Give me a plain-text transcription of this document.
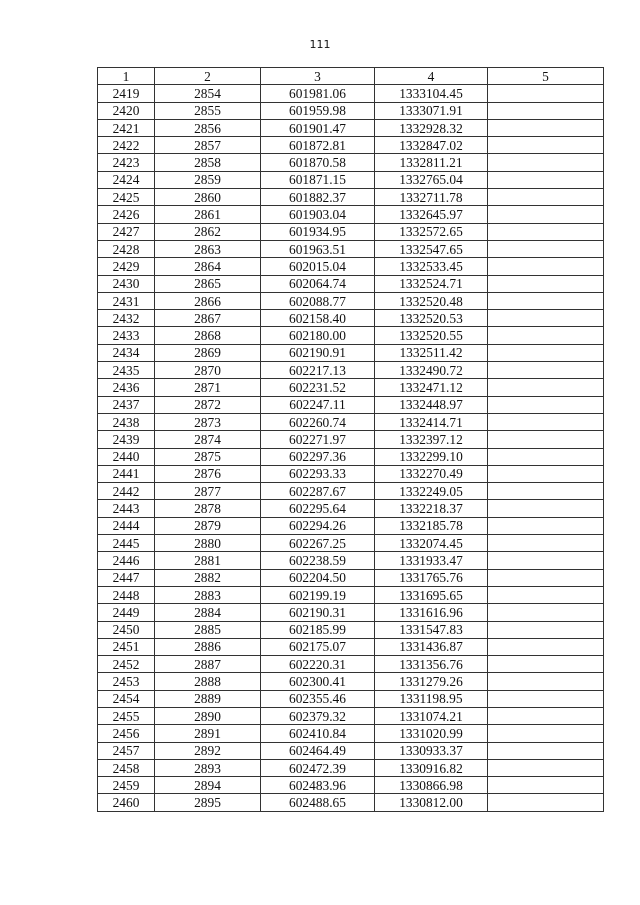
111
1	2	3	4	5
2419	2854	601981.06	1333104.45	
2420	2855	601959.98	1333071.91	
2421	2856	601901.47	1332928.32	
2422	2857	601872.81	1332847.02	
2423	2858	601870.58	1332811.21	
2424	2859	601871.15	1332765.04	
2425	2860	601882.37	1332711.78	
2426	2861	601903.04	1332645.97	
2427	2862	601934.95	1332572.65	
2428	2863	601963.51	1332547.65	
2429	2864	602015.04	1332533.45	
2430	2865	602064.74	1332524.71	
2431	2866	602088.77	1332520.48	
2432	2867	602158.40	1332520.53	
2433	2868	602180.00	1332520.55	
2434	2869	602190.91	1332511.42	
2435	2870	602217.13	1332490.72	
2436	2871	602231.52	1332471.12	
2437	2872	602247.11	1332448.97	
2438	2873	602260.74	1332414.71	
2439	2874	602271.97	1332397.12	
2440	2875	602297.36	1332299.10	
2441	2876	602293.33	1332270.49	
2442	2877	602287.67	1332249.05	
2443	2878	602295.64	1332218.37	
2444	2879	602294.26	1332185.78	
2445	2880	602267.25	1332074.45	
2446	2881	602238.59	1331933.47	
2447	2882	602204.50	1331765.76	
2448	2883	602199.19	1331695.65	
2449	2884	602190.31	1331616.96	
2450	2885	602185.99	1331547.83	
2451	2886	602175.07	1331436.87	
2452	2887	602220.31	1331356.76	
2453	2888	602300.41	1331279.26	
2454	2889	602355.46	1331198.95	
2455	2890	602379.32	1331074.21	
2456	2891	602410.84	1331020.99	
2457	2892	602464.49	1330933.37	
2458	2893	602472.39	1330916.82	
2459	2894	602483.96	1330866.98	
2460	2895	602488.65	1330812.00	
